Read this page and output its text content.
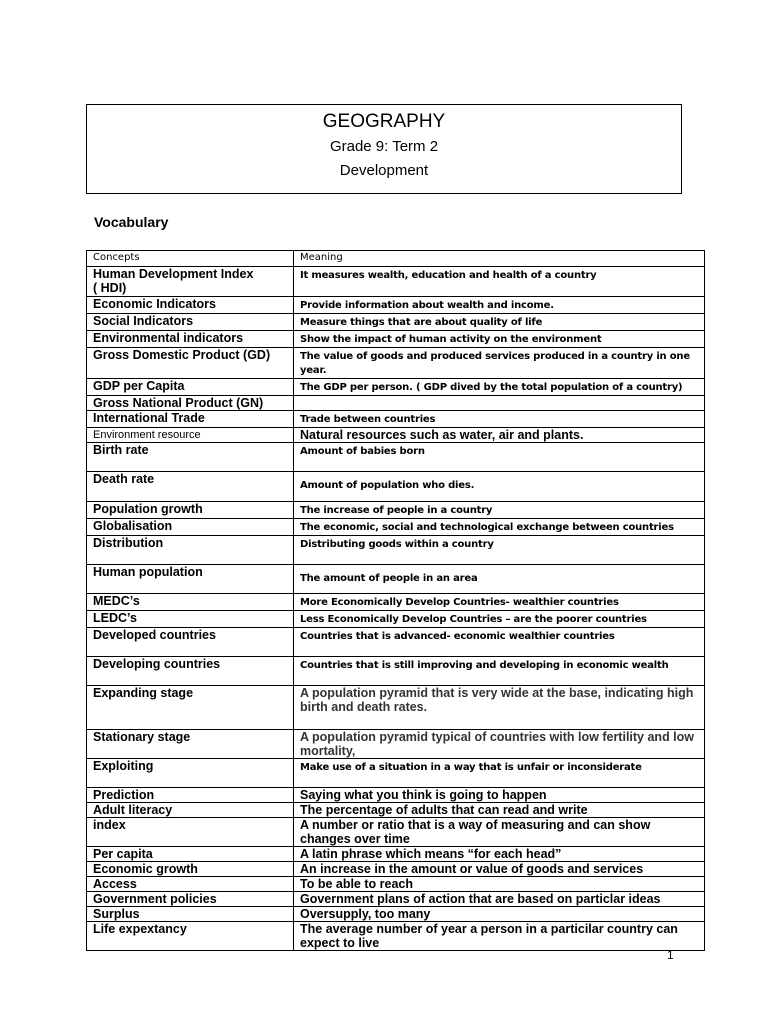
GEOGRAPHY
Grade 9: Term 2
Development
Vocabulary
Concepts	Meaning
Human Development Index
( HDI)	It measures wealth, education and health of a country
Economic Indicators	Provide information about wealth and income.
Social Indicators	Measure things that are about quality of life
Environmental indicators	Show the impact of human activity on the environment
Gross Domestic Product (GD)	The value of goods and produced services produced in a country in one year.
GDP per Capita	The GDP per person. ( GDP dived by the total population of a country)
Gross National Product (GN)	
International Trade	Trade between countries
Environment resource	Natural resources such as water, air and plants.
Birth rate	Amount of babies born
Death rate	Amount of population who dies.
Population growth	The increase of people in a country
Globalisation	The economic, social and technological exchange between countries
Distribution	Distributing goods within a country
Human population	The amount of people in an area
MEDC’s	More Economically Develop Countries- wealthier countries
LEDC’s	Less Economically Develop Countries – are the poorer countries
Developed countries	Countries that is advanced- economic wealthier countries
Developing countries	Countries that is still improving and developing in economic wealth
Expanding stage	A population pyramid that is very wide at the base, indicating high birth and death rates.
Stationary stage	A population pyramid typical of countries with low fertility and low mortality,
Exploiting	Make use of a situation in a way that is unfair or inconsiderate
Prediction	Saying what you think is going to happen
Adult literacy	The percentage of adults that can read and write
index	A number or ratio that is a way of measuring and can show changes over time
Per capita	A latin phrase which means “for each head”
Economic growth	An increase in the amount or value of goods and services
Access	To be able to reach
Government policies	Government plans of action that are based on particlar ideas
Surplus	Oversupply, too many
Life expextancy	The average number of year a person in a particilar country can expect to live
1
